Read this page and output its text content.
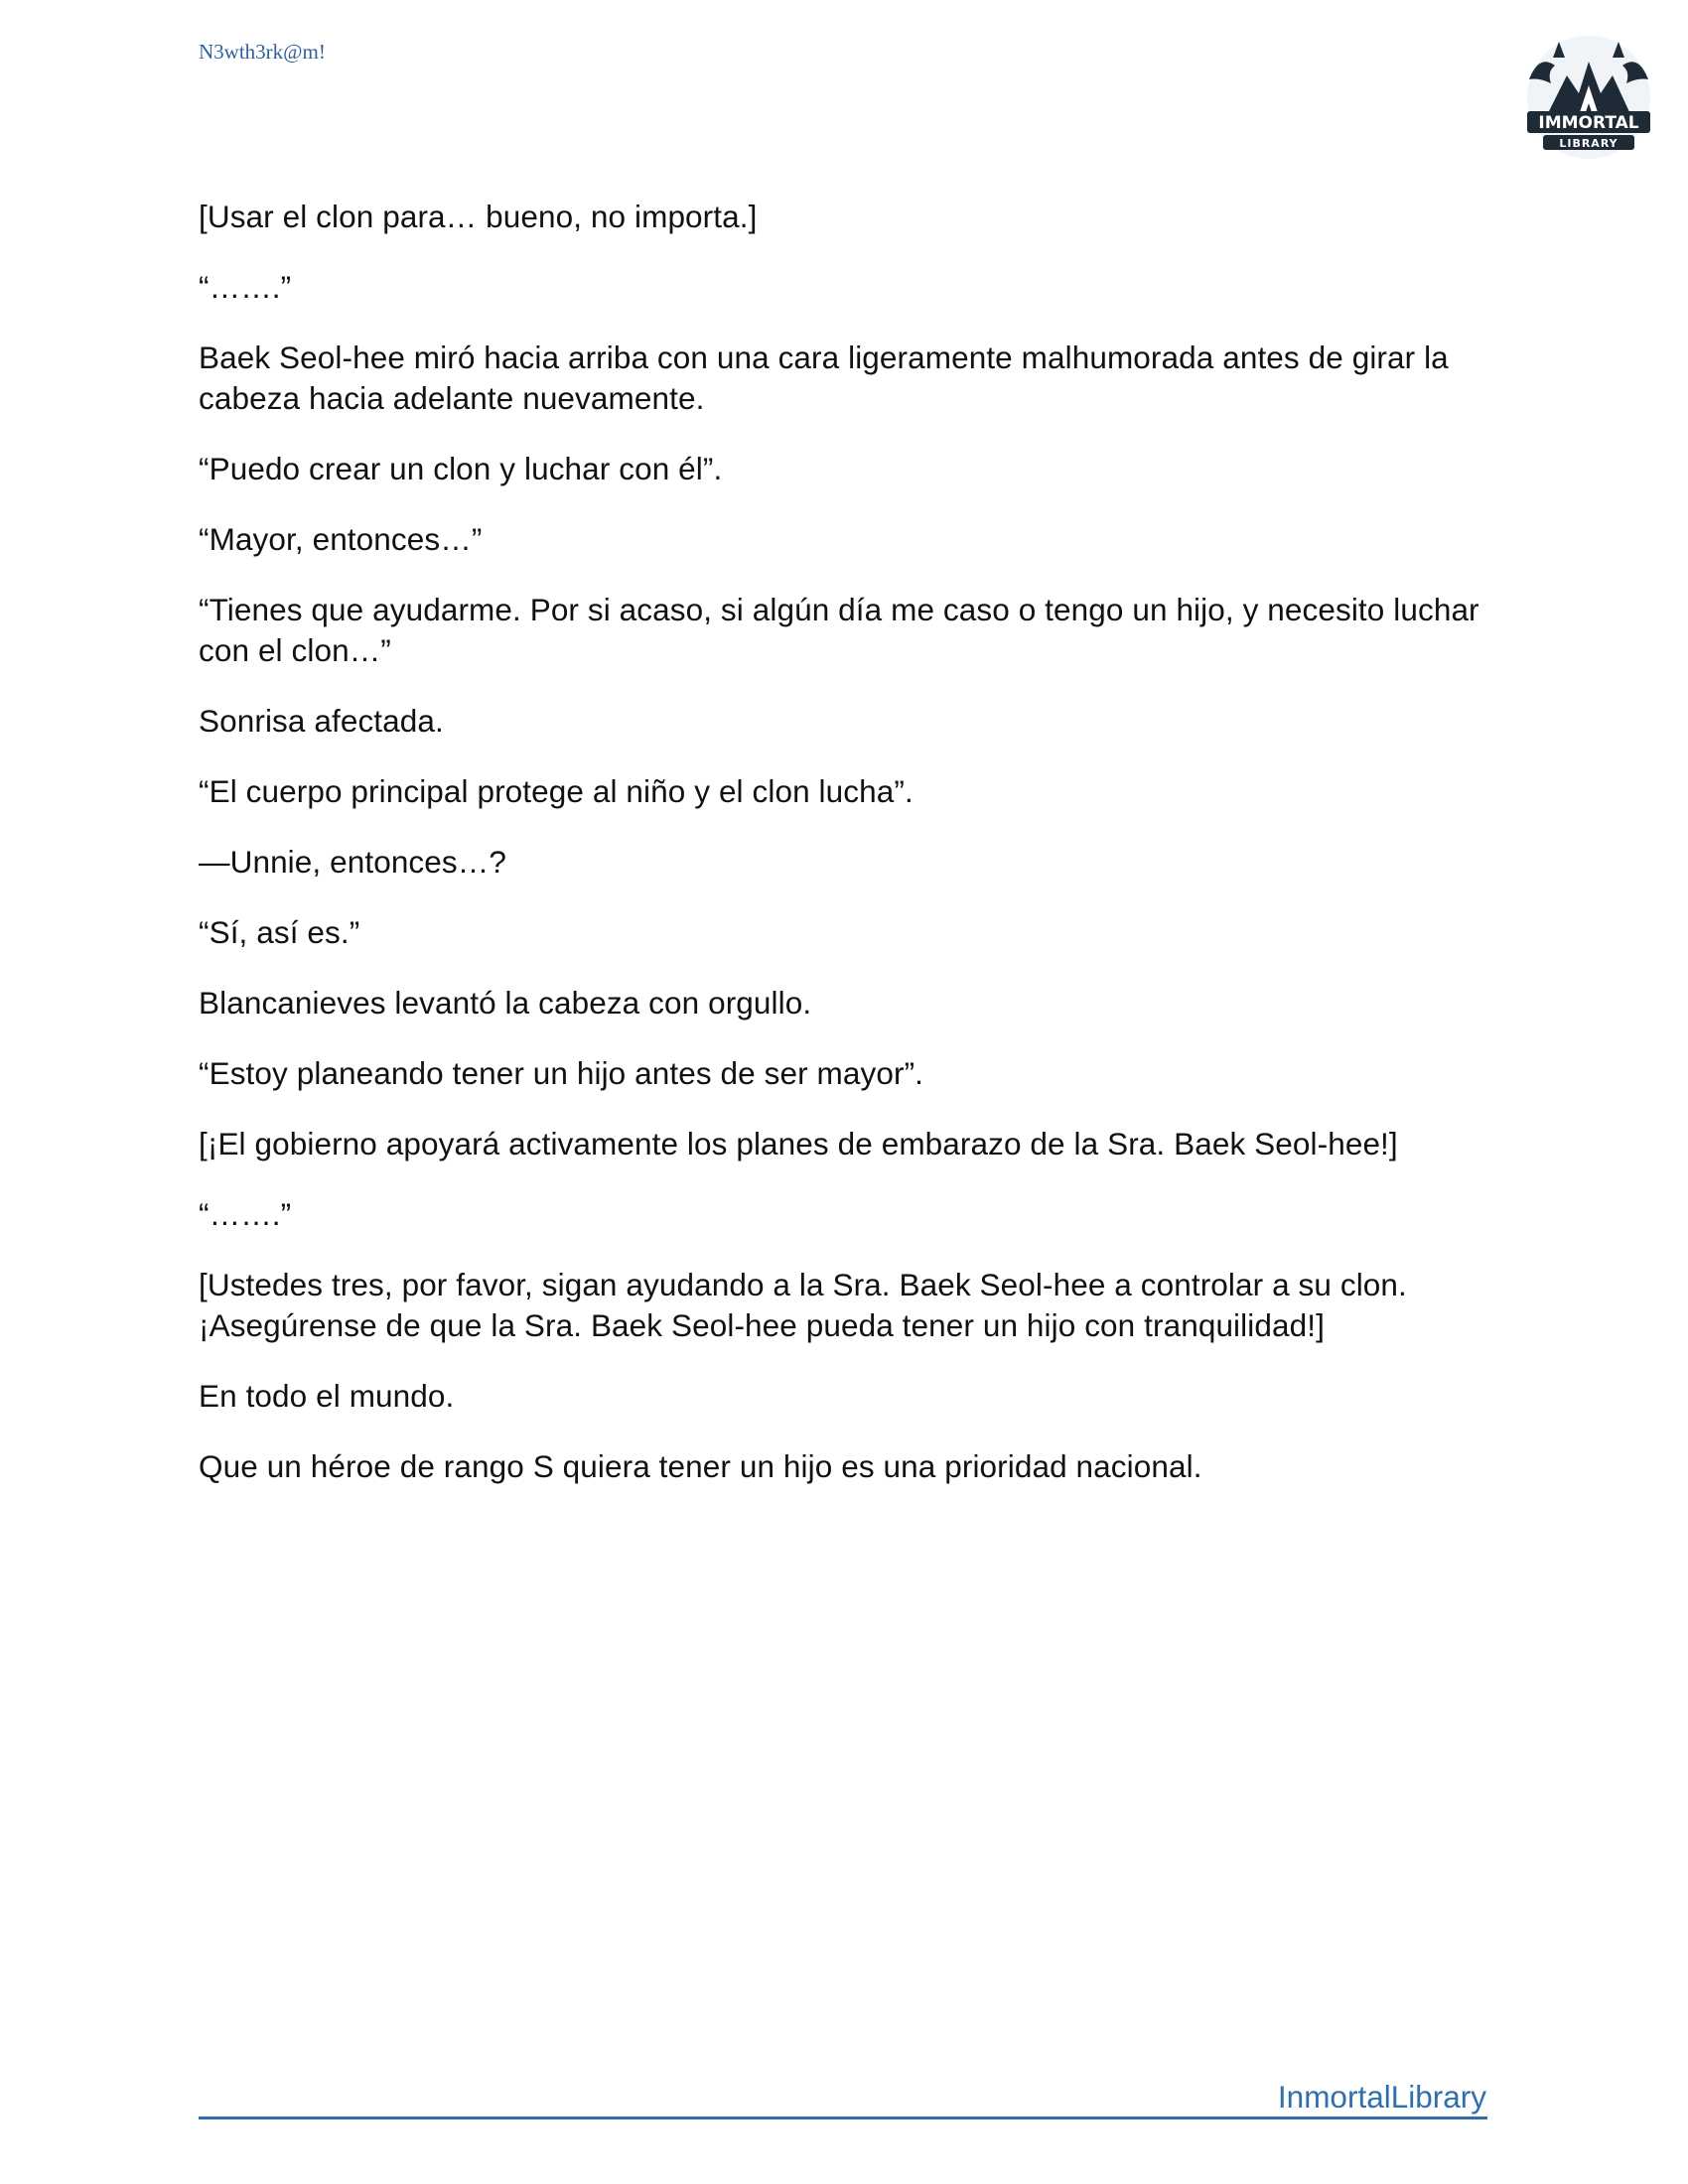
N3wth3rk@m!
IMMORTAL
LIBRARY

[Usar el clon para… bueno, no importa.]

“…….”

Baek Seol-hee miró hacia arriba con una cara ligeramente malhumorada antes de girar la cabeza hacia adelante nuevamente.

“Puedo crear un clon y luchar con él”.

“Mayor, entonces…”

“Tienes que ayudarme. Por si acaso, si algún día me caso o tengo un hijo, y necesito luchar con el clon…”

Sonrisa afectada.

“El cuerpo principal protege al niño y el clon lucha”.

—Unnie, entonces…?

“Sí, así es.”

Blancanieves levantó la cabeza con orgullo.

“Estoy planeando tener un hijo antes de ser mayor”.

[¡El gobierno apoyará activamente los planes de embarazo de la Sra. Baek Seol-hee!]

“…….”

[Ustedes tres, por favor, sigan ayudando a la Sra. Baek Seol-hee a controlar a su clon. ¡Asegúrense de que la Sra. Baek Seol-hee pueda tener un hijo con tranquilidad!]

En todo el mundo.

Que un héroe de rango S quiera tener un hijo es una prioridad nacional.

InmortalLibrary
